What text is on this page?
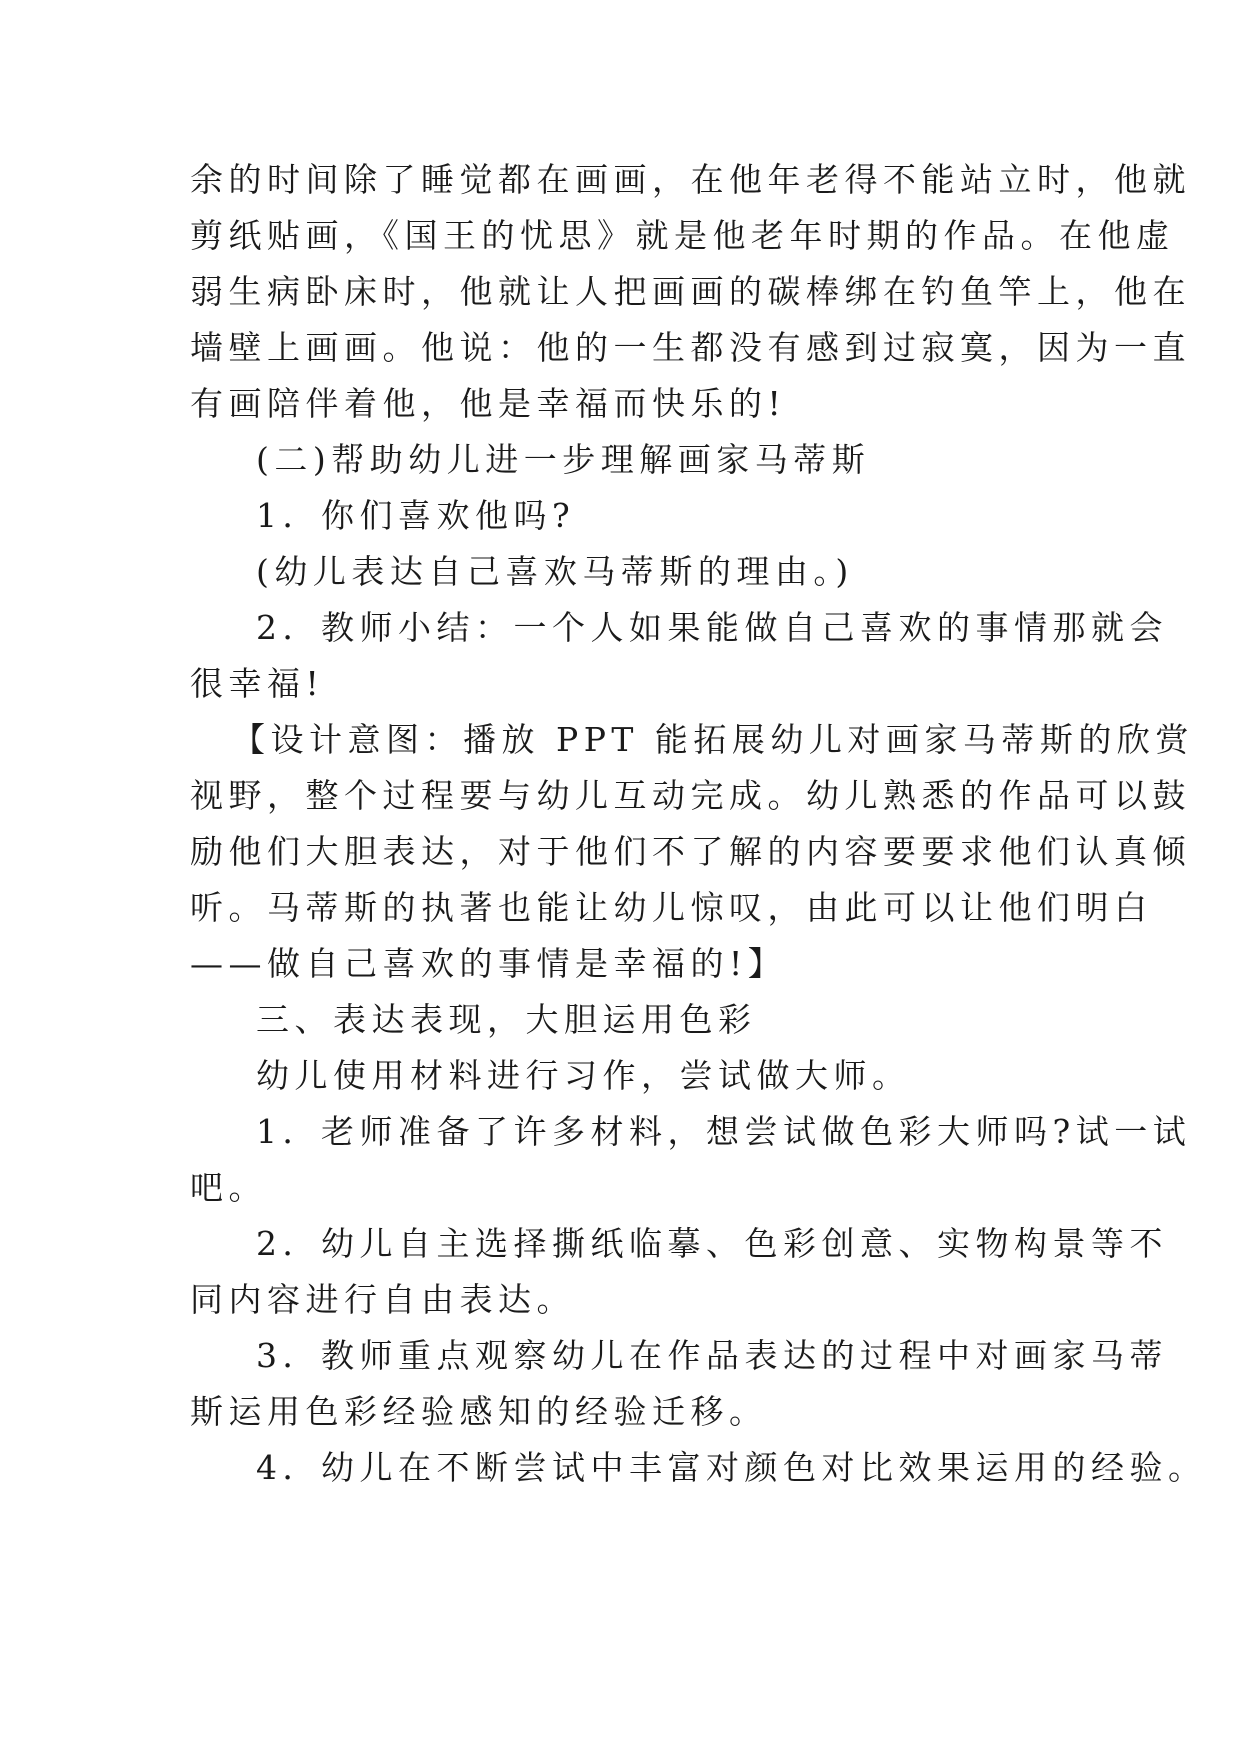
余的时间除了睡觉都在画画，在他年老得不能站立时，他就
剪纸贴画，《国王的忧思》就是他老年时期的作品。在他虚
弱生病卧床时，他就让人把画画的碳棒绑在钓鱼竿上，他在
墙壁上画画。他说：他的一生都没有感到过寂寞，因为一直
有画陪伴着他，他是幸福而快乐的!
(二)帮助幼儿进一步理解画家马蒂斯
1．你们喜欢他吗?
(幼儿表达自己喜欢马蒂斯的理由。)
2．教师小结：一个人如果能做自己喜欢的事情那就会
很幸福!
【设计意图：播放 PPT 能拓展幼儿对画家马蒂斯的欣赏
视野，整个过程要与幼儿互动完成。幼儿熟悉的作品可以鼓
励他们大胆表达，对于他们不了解的内容要要求他们认真倾
听。马蒂斯的执著也能让幼儿惊叹，由此可以让他们明白
——做自己喜欢的事情是幸福的!】
三、表达表现，大胆运用色彩
幼儿使用材料进行习作，尝试做大师。
1．老师准备了许多材料，想尝试做色彩大师吗?试一试
吧。
2．幼儿自主选择撕纸临摹、色彩创意、实物构景等不
同内容进行自由表达。
3．教师重点观察幼儿在作品表达的过程中对画家马蒂
斯运用色彩经验感知的经验迁移。
4．幼儿在不断尝试中丰富对颜色对比效果运用的经验。
